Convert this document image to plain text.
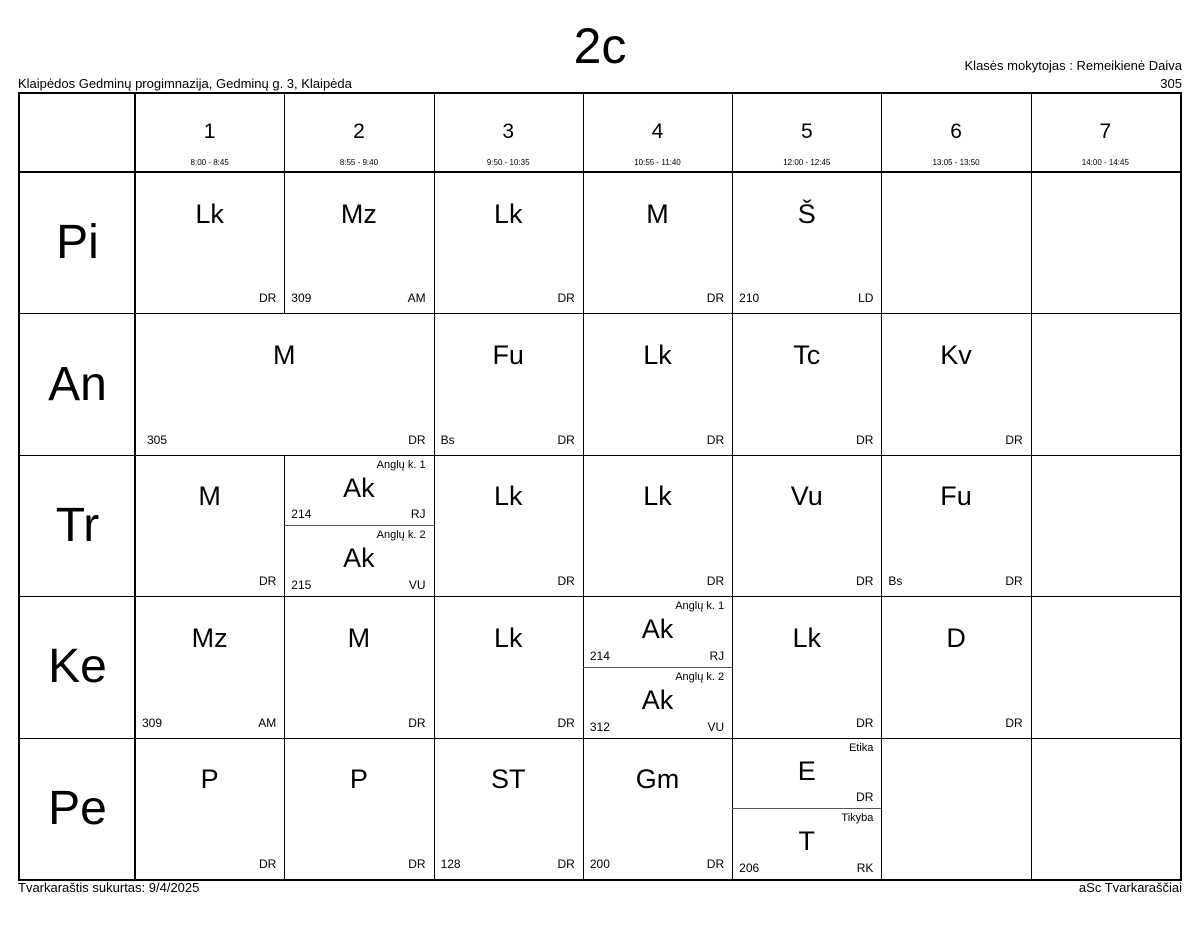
2c
Klaipėdos Gedminų progimnazija, Gedminų g. 3, Klaipėda
Klasės mokytojas : Remeikienė Daiva
305
1
8:00 - 8:45
2
8:55 - 9:40
3
9:50 - 10:35
4
10:55 - 11:40
5
12:00 - 12:45
6
13:05 - 13:50
7
14:00 - 14:45
Pi
An
Tr
Ke
Pe
Lk
DR
Mz
AM
309
Lk
DR
M
DR
Š
LD
210
M
DR
305
Fu
DR
Bs
Lk
DR
Tc
DR
Kv
DR
M
DR
Anglų k. 1
Ak
RJ
214
Anglų k. 2
Ak
VU
215
Lk
DR
Lk
DR
Vu
DR
Fu
DR
Bs
Mz
AM
309
M
DR
Lk
DR
Anglų k. 1
Ak
RJ
214
Anglų k. 2
Ak
VU
312
Lk
DR
D
DR
P
DR
P
DR
ST
DR
128
Gm
DR
200
Etika
E
DR
Tikyba
T
RK
206
Tvarkaraštis sukurtas: 9/4/2025	aSc Tvarkaraščiai
